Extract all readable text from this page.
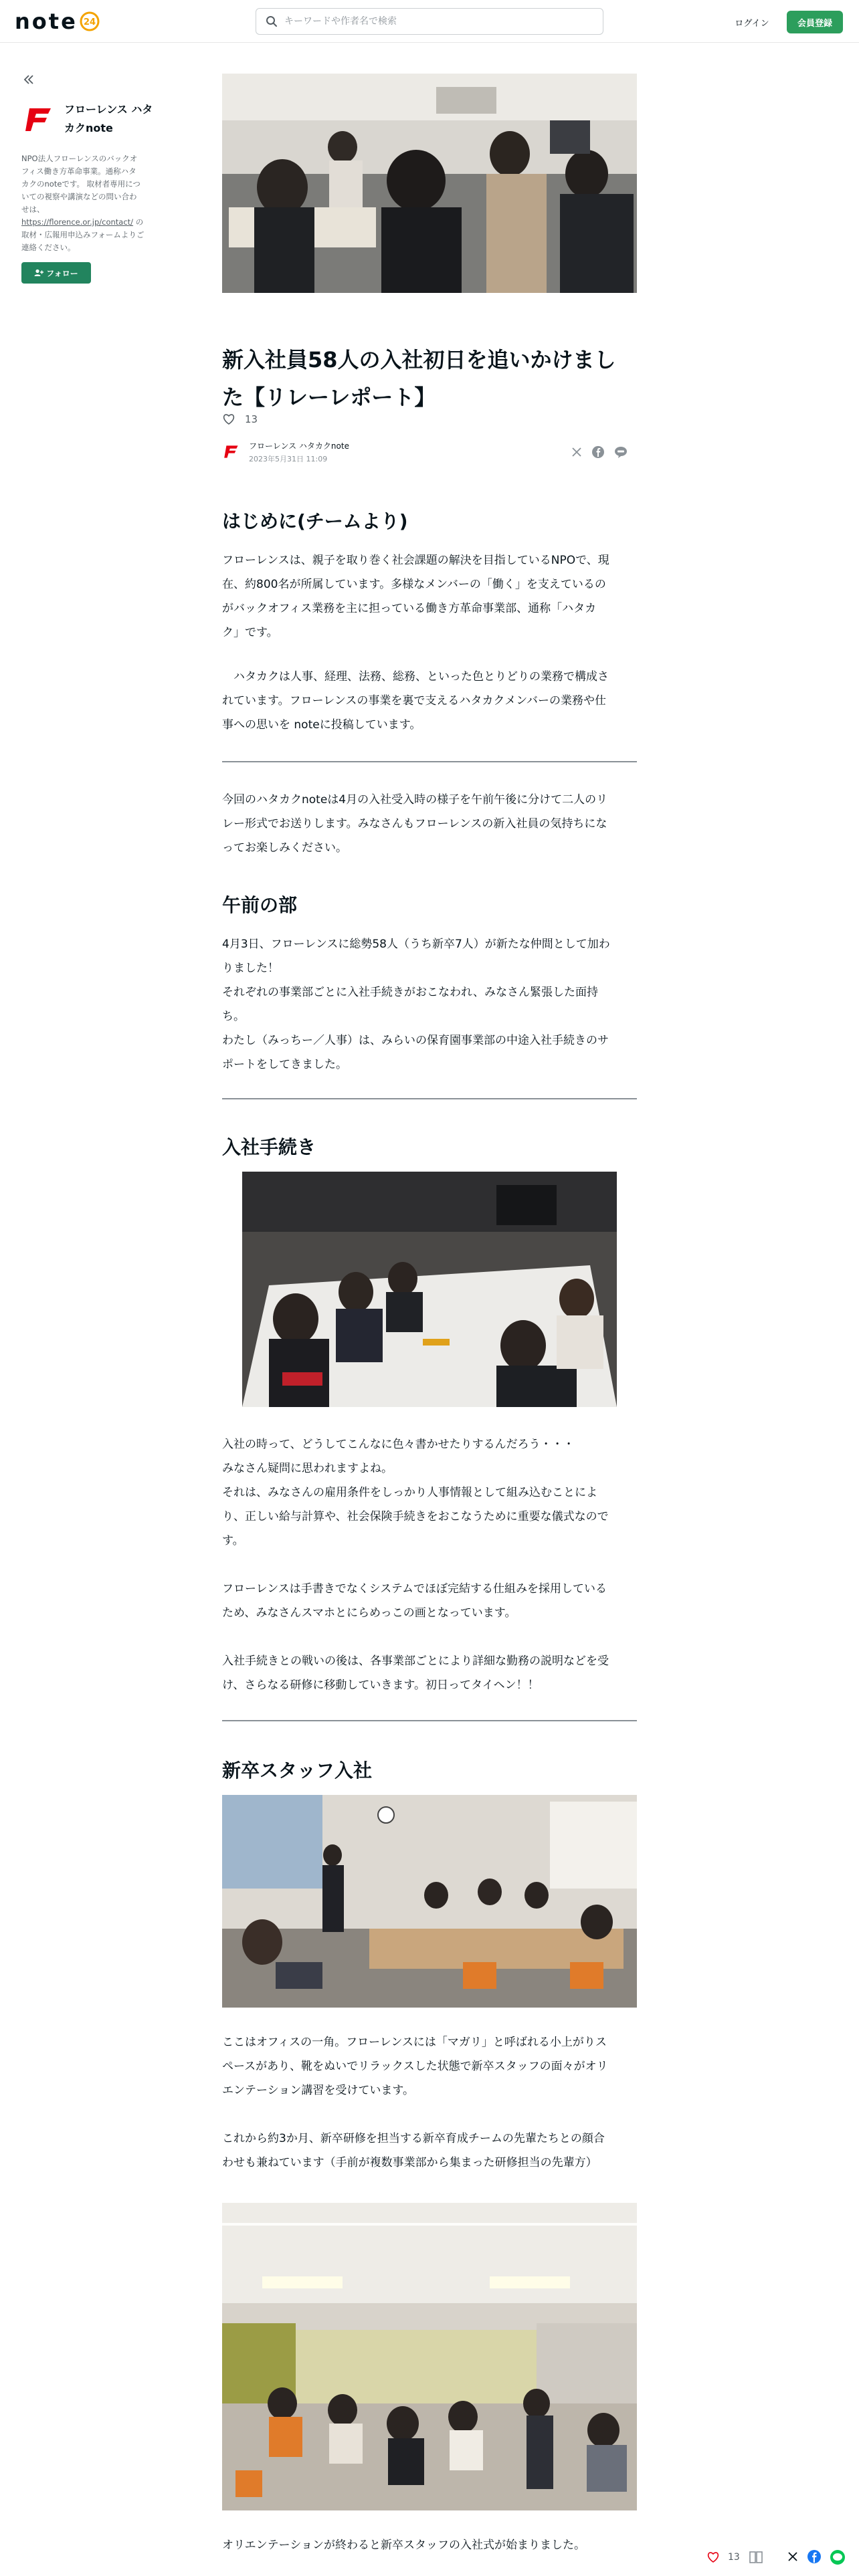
note 24
キーワードや作者名で検索	ログイン	会員登録
フローレンス ハタ
カクnote
NPO法人フローレンスのバックオ
フィス働き方革命事業。通称ハタ
カクのnoteです。 取材者専用につ
いての視察や講演などの問い合わ
せは、
https://florence.or.jp/contact/ の
取材・広報用申込みフォームよりご
連絡ください。
フォロー
新入社員58人の入社初日を追いかけまし
た【リレーレポート】
13
フローレンス ハタカクnote
2023年5月31日 11:09
はじめに(チームより)
フローレンスは、親子を取り巻く社会課題の解決を目指しているNPOで、現
在、約800名が所属しています。多様なメンバーの「働く」を支えているの
がバックオフィス業務を主に担っている働き方革命事業部、通称「ハタカ
ク」です。
　ハタカクは人事、経理、法務、総務、といった色とりどりの業務で構成さ
れています。フローレンスの事業を裏で支えるハタカクメンバーの業務や仕
事への思いを noteに投稿しています。
今回のハタカクnoteは4月の入社受入時の様子を午前午後に分けて二人のリ
レー形式でお送りします。みなさんもフローレンスの新入社員の気持ちにな
ってお楽しみください。
午前の部
4月3日、フローレンスに総勢58人（うち新卒7人）が新たな仲間として加わ
りました！
それぞれの事業部ごとに入社手続きがおこなわれ、みなさん緊張した面持
ち。
わたし（みっちー／人事）は、みらいの保育園事業部の中途入社手続きのサ
ポートをしてきました。
入社手続き
入社の時って、どうしてこんなに色々書かせたりするんだろう・・・
みなさん疑問に思われますよね。
それは、みなさんの雇用条件をしっかり人事情報として組み込むことによ
り、正しい給与計算や、社会保険手続きをおこなうために重要な儀式なので
す。
フローレンスは手書きでなくシステムでほぼ完結する仕組みを採用している
ため、みなさんスマホとにらめっこの画となっています。
入社手続きとの戦いの後は、各事業部ごとにより詳細な勤務の説明などを受
け、さらなる研修に移動していきます。初日ってタイヘン！！
新卒スタッフ入社
ここはオフィスの一角。フローレンスには「マガリ」と呼ばれる小上がりス
ペースがあり、靴をぬいでリラックスした状態で新卒スタッフの面々がオリ
エンテーション講習を受けています。
これから約3か月、新卒研修を担当する新卒育成チームの先輩たちとの顔合
わせも兼ねています（手前が複数事業部から集まった研修担当の先輩方）
オリエンテーションが終わると新卒スタッフの入社式が始まりました。
13
